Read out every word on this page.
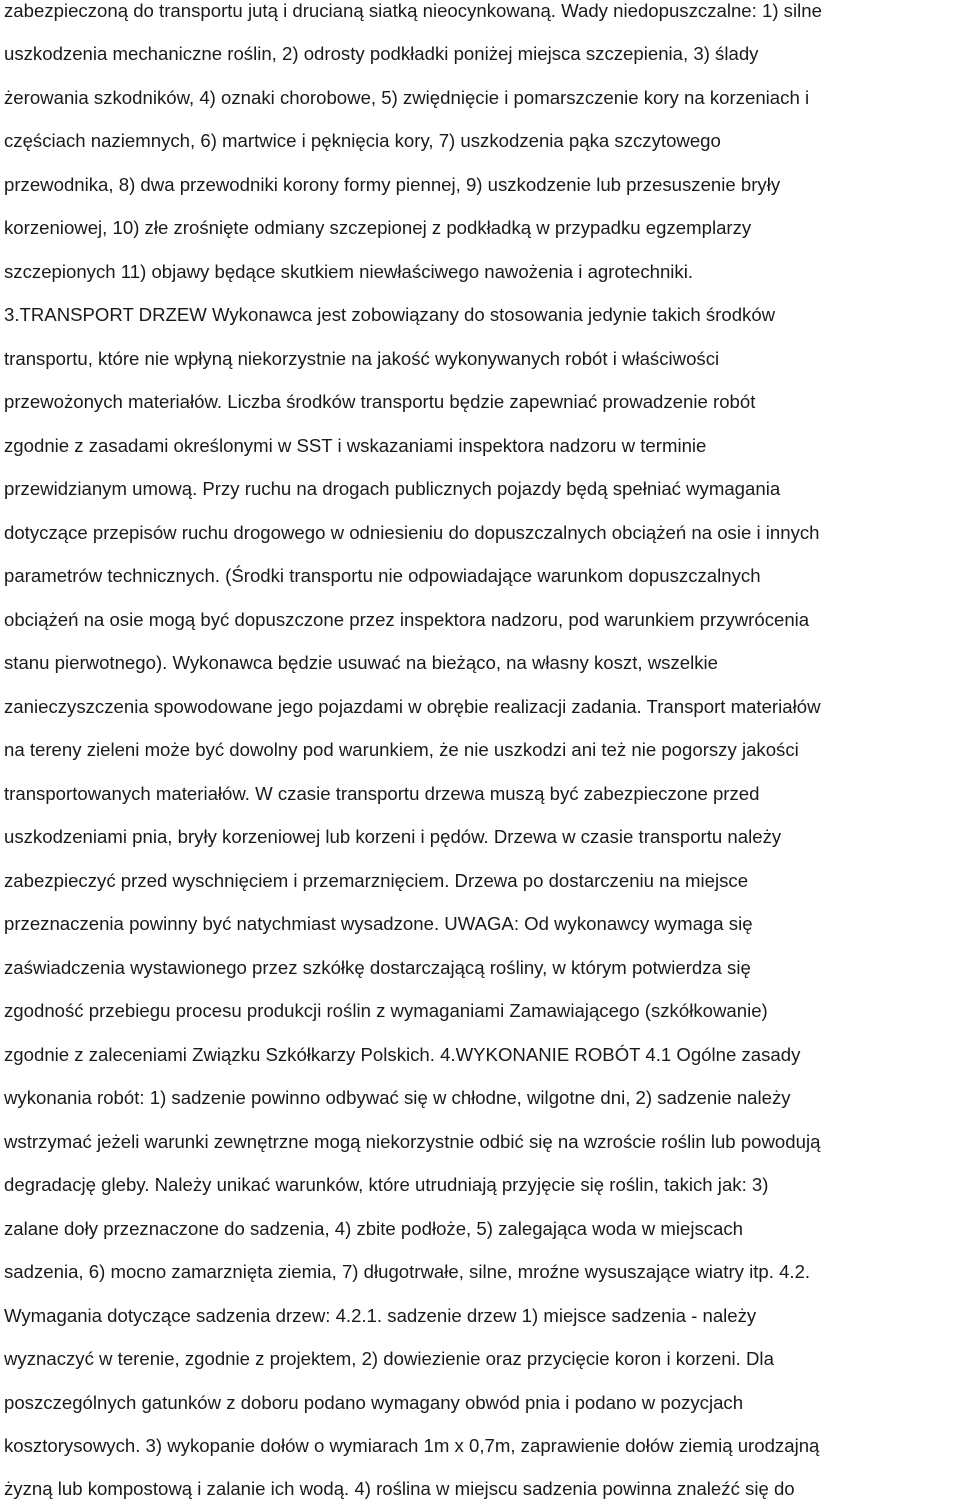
zabezpieczoną do transportu jutą i drucianą siatką nieocynkowaną. Wady niedopuszczalne: 1) silne
uszkodzenia mechaniczne roślin, 2) odrosty podkładki poniżej miejsca szczepienia, 3) ślady
żerowania szkodników, 4) oznaki chorobowe, 5) zwiędnięcie i pomarszczenie kory na korzeniach i
częściach naziemnych, 6) martwice i pęknięcia kory, 7) uszkodzenia pąka szczytowego
przewodnika, 8) dwa przewodniki korony formy piennej, 9) uszkodzenie lub przesuszenie bryły
korzeniowej, 10) złe zrośnięte odmiany szczepionej z podkładką w przypadku egzemplarzy
szczepionych 11) objawy będące skutkiem niewłaściwego nawożenia i agrotechniki.
3.TRANSPORT DRZEW Wykonawca jest zobowiązany do stosowania jedynie takich środków
transportu, które nie wpłyną niekorzystnie na jakość wykonywanych robót i właściwości
przewożonych materiałów. Liczba środków transportu będzie zapewniać prowadzenie robót
zgodnie z zasadami określonymi w SST i wskazaniami inspektora nadzoru w terminie
przewidzianym umową. Przy ruchu na drogach publicznych pojazdy będą spełniać wymagania
dotyczące przepisów ruchu drogowego w odniesieniu do dopuszczalnych obciążeń na osie i innych
parametrów technicznych. (Środki transportu nie odpowiadające warunkom dopuszczalnych
obciążeń na osie mogą być dopuszczone przez inspektora nadzoru, pod warunkiem przywrócenia
stanu pierwotnego). Wykonawca będzie usuwać na bieżąco, na własny koszt, wszelkie
zanieczyszczenia spowodowane jego pojazdami w obrębie realizacji zadania. Transport materiałów
na tereny zieleni może być dowolny pod warunkiem, że nie uszkodzi ani też nie pogorszy jakości
transportowanych materiałów. W czasie transportu drzewa muszą być zabezpieczone przed
uszkodzeniami pnia, bryły korzeniowej lub korzeni i pędów. Drzewa w czasie transportu należy
zabezpieczyć przed wyschnięciem i przemarznięciem. Drzewa po dostarczeniu na miejsce
przeznaczenia powinny być natychmiast wysadzone. UWAGA: Od wykonawcy wymaga się
zaświadczenia wystawionego przez szkółkę dostarczającą rośliny, w którym potwierdza się
zgodność przebiegu procesu produkcji roślin z wymaganiami Zamawiającego (szkółkowanie)
zgodnie z zaleceniami Związku Szkółkarzy Polskich. 4.WYKONANIE ROBÓT 4.1 Ogólne zasady
wykonania robót: 1) sadzenie powinno odbywać się w chłodne, wilgotne dni, 2) sadzenie należy
wstrzymać jeżeli warunki zewnętrzne mogą niekorzystnie odbić się na wzroście roślin lub powodują
degradację gleby. Należy unikać warunków, które utrudniają przyjęcie się roślin, takich jak: 3)
zalane doły przeznaczone do sadzenia, 4) zbite podłoże, 5) zalegająca woda w miejscach
sadzenia, 6) mocno zamarznięta ziemia, 7) długotrwałe, silne, mroźne wysuszające wiatry itp. 4.2.
Wymagania dotyczące sadzenia drzew: 4.2.1. sadzenie drzew 1) miejsce sadzenia - należy
wyznaczyć w terenie, zgodnie z projektem, 2) dowiezienie oraz przycięcie koron i korzeni. Dla
poszczególnych gatunków z doboru podano wymagany obwód pnia i podano w pozycjach
kosztorysowych. 3) wykopanie dołów o wymiarach 1m x 0,7m, zaprawienie dołów ziemią urodzajną
żyzną lub kompostową i zalanie ich wodą. 4) roślina w miejscu sadzenia powinna znaleźć się do
